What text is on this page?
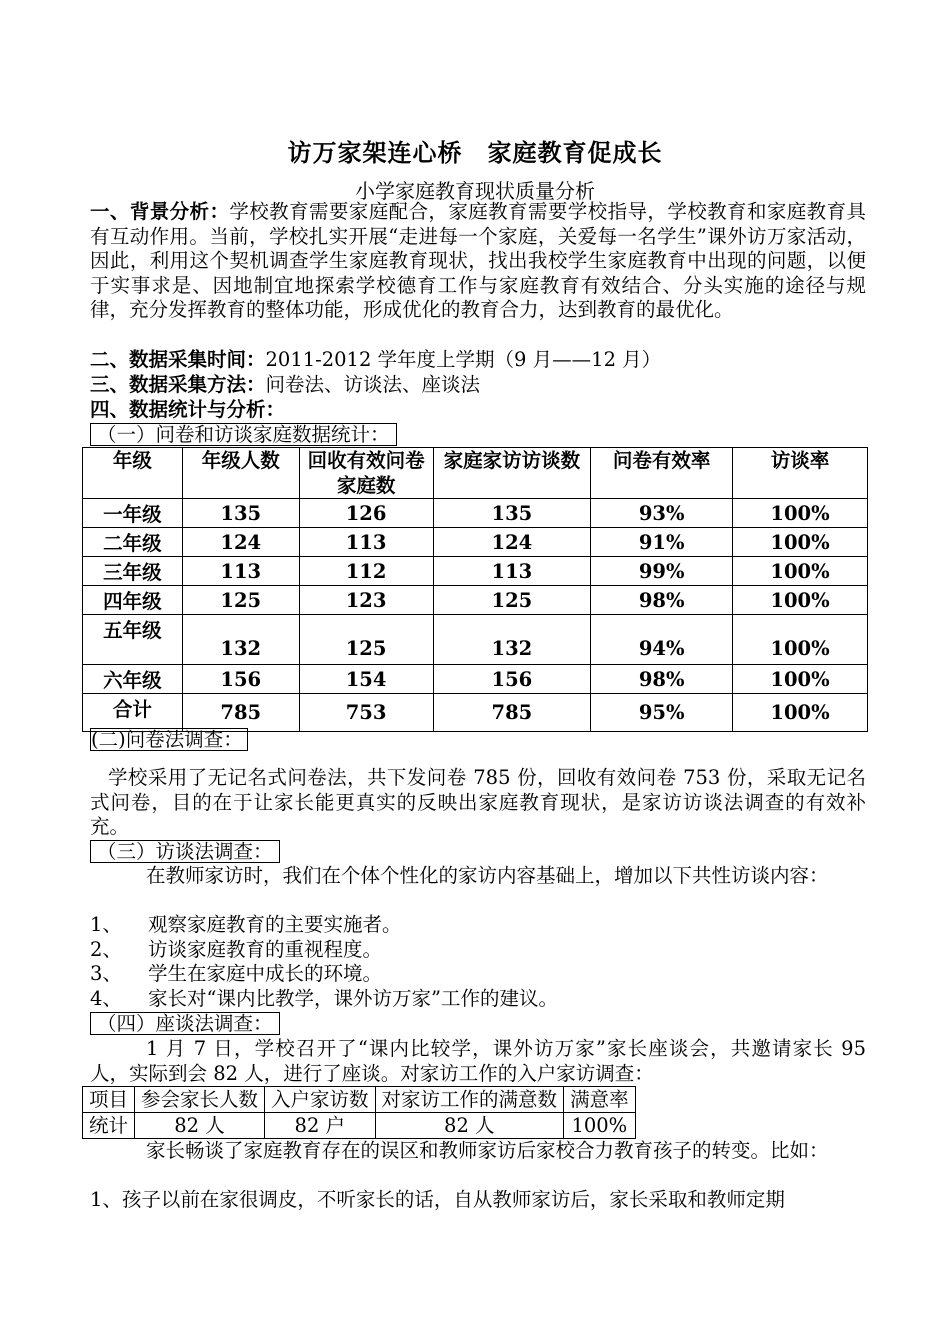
访万家架连心桥　家庭教育促成长
小学家庭教育现状质量分析
一、背景分析：学校教育需要家庭配合，家庭教育需要学校指导，学校教育和家庭教育具有互动作用。当前，学校扎实开展“走进每一个家庭，关爱每一名学生”课外访万家活动，因此，利用这个契机调查学生家庭教育现状，找出我校学生家庭教育中出现的问题，以便于实事求是、因地制宜地探索学校德育工作与家庭教育有效结合、分头实施的途径与规律，充分发挥教育的整体功能，形成优化的教育合力，达到教育的最优化。
二、数据采集时间：2011-2012 学年度上学期（9 月——12 月）
三、数据采集方法：问卷法、访谈法、座谈法
四、数据统计与分析：
（一）问卷和访谈家庭数据统计：
年级	年级人数	回收有效问卷家庭数	家庭家访访谈数	问卷有效率	访谈率
一年级	135	126	135	93%	100%
二年级	124	113	124	91%	100%
三年级	113	112	113	99%	100%
四年级	125	123	125	98%	100%
五年级	132	125	132	94%	100%
六年级	156	154	156	98%	100%
合计	785	753	785	95%	100%
(二)问卷法调查：
学校采用了无记名式问卷法，共下发问卷 785 份，回收有效问卷 753 份，采取无记名式问卷，目的在于让家长能更真实的反映出家庭教育现状，是家访访谈法调查的有效补充。
（三）访谈法调查：
在教师家访时，我们在个体个性化的家访内容基础上，增加以下共性访谈内容：
1、 观察家庭教育的主要实施者。
2、 访谈家庭教育的重视程度。
3、 学生在家庭中成长的环境。
4、 家长对“课内比教学，课外访万家”工作的建议。
（四）座谈法调查：
1 月 7 日，学校召开了“课内比较学，课外访万家”家长座谈会，共邀请家长 95 人，实际到会 82 人，进行了座谈。对家访工作的入户家访调查：
项目	参会家长人数	入户家访数	对家访工作的满意数	满意率
统计	82 人	82 户	82 人	100%
家长畅谈了家庭教育存在的误区和教师家访后家校合力教育孩子的转变。比如：
1、孩子以前在家很调皮，不听家长的话，自从教师家访后，家长采取和教师定期
